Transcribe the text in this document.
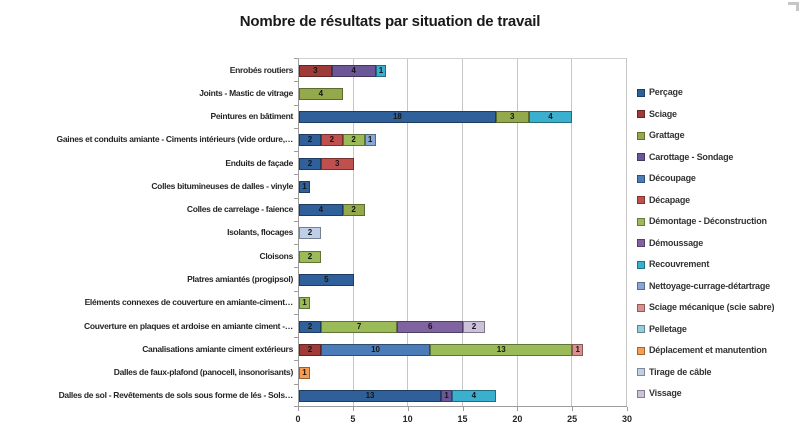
Nombre de résultats par situation de travail
Enrobés routiers
Joints - Mastic de vitrage
Peintures en bâtiment
Gaines et conduits amiante - Ciments intérieurs (vide ordure,…
Enduits de façade
Colles bitumineuses de dalles - vinyle
Colles de carrelage - faience
Isolants, flocages
Cloisons
Platres amiantés (progipsol)
Eléments connexes de couverture en amiante-ciment…
Couverture en plaques et ardoise en amiante ciment -…
Canalisations amiante ciment extérieurs
Dalles de faux-plafond (panocell, insonorisants)
Dalles de sol - Revêtements de sols sous forme de lés - Sols…
3	4	1
4
18	3	4
2 2 2 1
2	3
1
4	2
2
2
5
1
2	7	6	2
2	10	13	1
1
13	1	4
0	5	10	15	20	25	30
Perçage
Sciage
Grattage
Carottage - Sondage
Découpage
Décapage
Démontage - Déconstruction
Démoussage
Recouvrement
Nettoyage-currage-détartrage
Sciage mécanique (scie sabre)
Pelletage
Déplacement et manutention
Tirage de câble
Vissage
